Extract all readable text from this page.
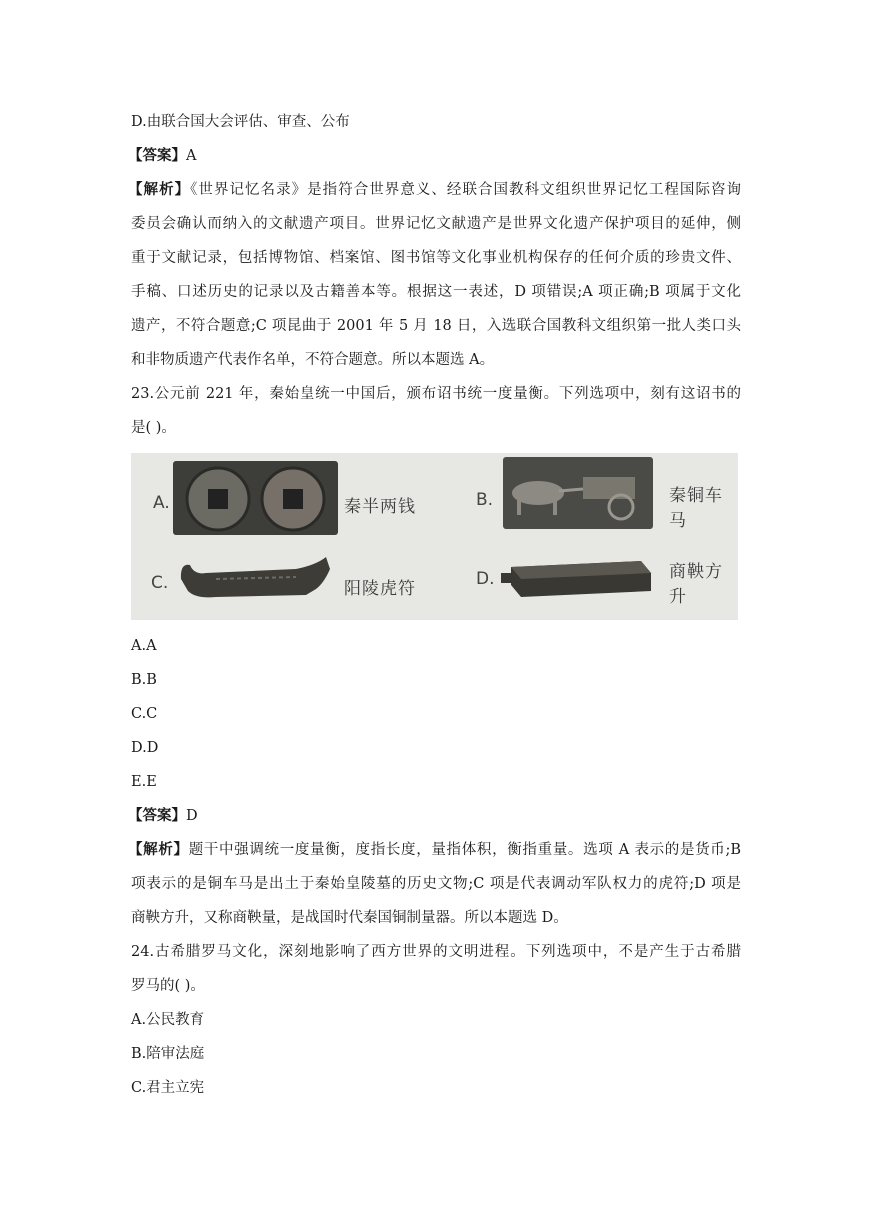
D.由联合国大会评估、审查、公布
【答案】A
【解析】《世界记忆名录》是指符合世界意义、经联合国教科文组织世界记忆工程国际咨询
委员会确认而纳入的文献遗产项目。世界记忆文献遗产是世界文化遗产保护项目的延伸，侧
重于文献记录，包括博物馆、档案馆、图书馆等文化事业机构保存的任何介质的珍贵文件、
手稿、口述历史的记录以及古籍善本等。根据这一表述，D 项错误;A 项正确;B 项属于文化
遗产，不符合题意;C 项昆曲于 2001 年 5 月 18 日，入选联合国教科文组织第一批人类口头
和非物质遗产代表作名单，不符合题意。所以本题选 A。
23.公元前 221 年，秦始皇统一中国后，颁布诏书统一度量衡。下列选项中，刻有这诏书的
是( )。
A.	秦半两钱	B.	秦铜车马
C.	阳陵虎符	D.	商鞅方升
A.A
B.B
C.C
D.D
E.E
【答案】D
【解析】题干中强调统一度量衡，度指长度，量指体积，衡指重量。选项 A 表示的是货币;B
项表示的是铜车马是出土于秦始皇陵墓的历史文物;C 项是代表调动军队权力的虎符;D 项是
商鞅方升，又称商鞅量，是战国时代秦国铜制量器。所以本题选 D。
24.古希腊罗马文化，深刻地影响了西方世界的文明进程。下列选项中，不是产生于古希腊
罗马的( )。
A.公民教育
B.陪审法庭
C.君主立宪
